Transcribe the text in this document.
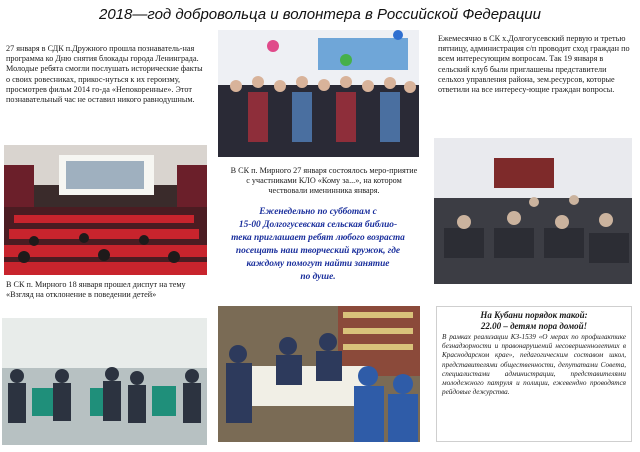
2018—год добровольца и волонтера в Российской Федерации
27 января в СДК п.Дружного прошла познаватель-ная программа ко Дню снятия блокады города Ленинграда. Молодые ребята смогли послушать исторические факты о своих ровесниках, прикос-нуться к их героизму, просмотрев фильм 2014 го-да «Непокоренные». Этот познавательный час не оставил никого равнодушным.
В СК п. Мирного 18 января прошел диспут на тему «Взгляд на отклонение в поведении детей»
В СК п. Мирного 27 января состоялось меро-приятие с участниками КЛО «Кому за...», на котором чествовали именинника января.
Еженедельно по субботам с
15-00 Долгогусевская сельская библио-
тека приглашает ребят любого возраста
посещать наш творческий кружок, где
каждому помогут найти занятие
по душе.
Ежемесячно в СК х.Долгогусевский первую и третью пятницу, администрация с/п проводит сход граждан по всем интересующим вопросам. Так 19 января в сельский клуб были приглашены представители сельхоз управления района, зем.ресурсов, которые ответили на все интересу-ющие граждан вопросы.
На Кубани порядок такой:
22.00 – детям пора домой!
В рамках реализации КЗ-1539 «О мерах по профилактике безнадзорности и правонарушений несовершеннолетних в Краснодарском крае», педагогическим составом школ, представителями общественности, депутатами Совета, специалистами администрации, представителями молодежного патруля и полиции, ежевендно проводятся рейдовые дежурства.
